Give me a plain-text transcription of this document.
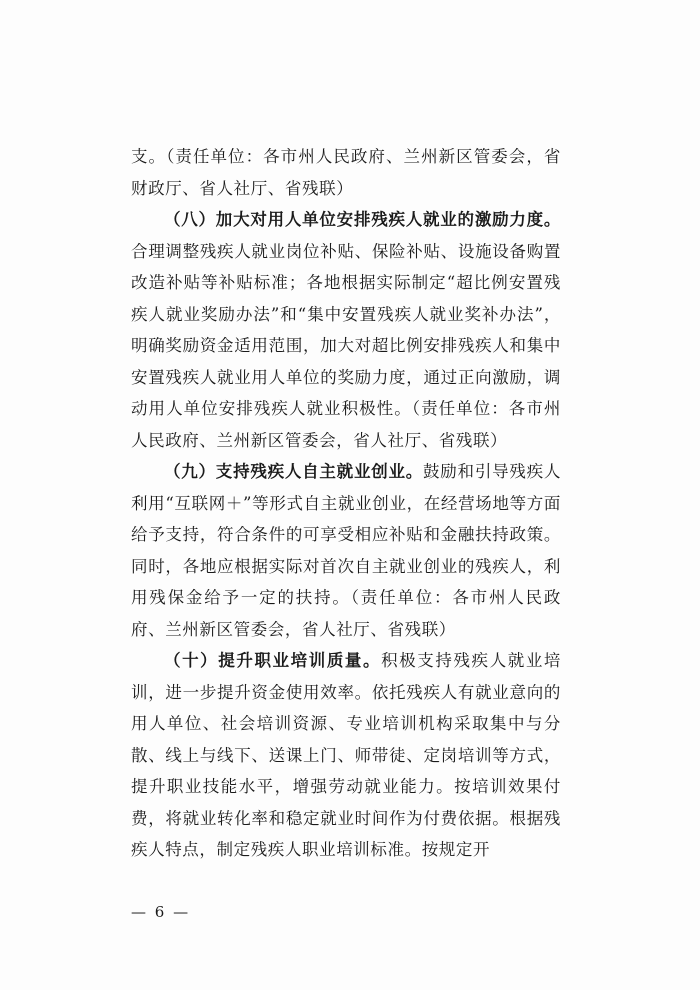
支。（责任单位：各市州人民政府、兰州新区管委会，省财政厅、省人社厅、省残联）

（八）加大对用人单位安排残疾人就业的激励力度。合理调整残疾人就业岗位补贴、保险补贴、设施设备购置改造补贴等补贴标准；各地根据实际制定“超比例安置残疾人就业奖励办法”和“集中安置残疾人就业奖补办法”，明确奖励资金适用范围，加大对超比例安排残疾人和集中安置残疾人就业用人单位的奖励力度，通过正向激励，调动用人单位安排残疾人就业积极性。（责任单位：各市州人民政府、兰州新区管委会，省人社厅、省残联）

（九）支持残疾人自主就业创业。鼓励和引导残疾人利用“互联网＋”等形式自主就业创业，在经营场地等方面给予支持，符合条件的可享受相应补贴和金融扶持政策。同时，各地应根据实际对首次自主就业创业的残疾人，利用残保金给予一定的扶持。（责任单位：各市州人民政府、兰州新区管委会，省人社厅、省残联）

（十）提升职业培训质量。积极支持残疾人就业培训，进一步提升资金使用效率。依托残疾人有就业意向的用人单位、社会培训资源、专业培训机构采取集中与分散、线上与线下、送课上门、师带徒、定岗培训等方式，提升职业技能水平，增强劳动就业能力。按培训效果付费，将就业转化率和稳定就业时间作为付费依据。根据残疾人特点，制定残疾人职业培训标准。按规定开

— 6 —
